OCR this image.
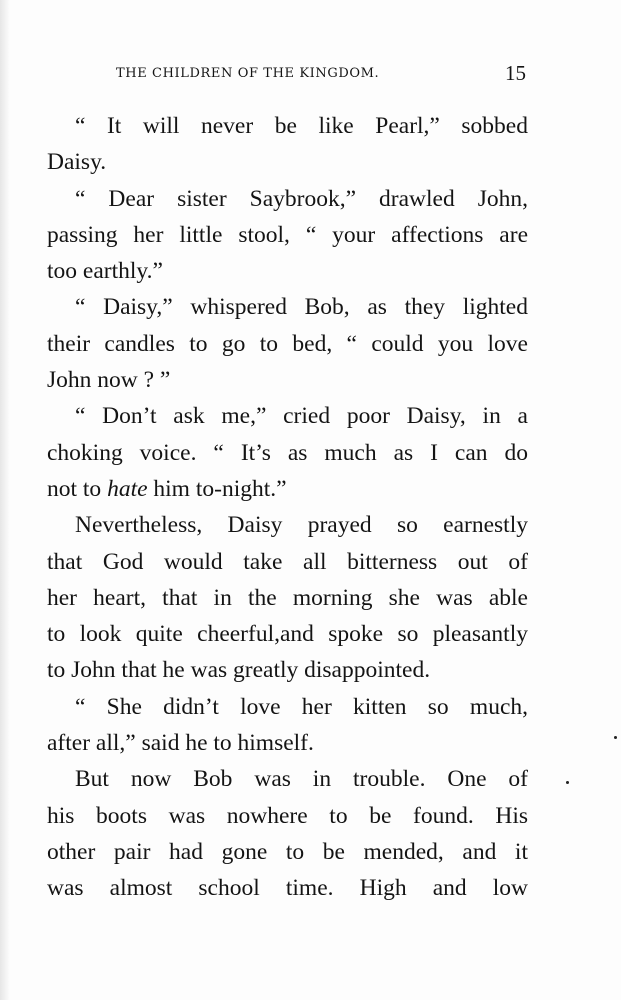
THE CHILDREN OF THE KINGDOM.	15
“ It will never be like Pearl,” sobbed
Daisy.
“ Dear sister Saybrook,” drawled John,
passing her little stool, “ your affections are
too earthly.”
“ Daisy,” whispered Bob, as they lighted
their candles to go to bed, “ could you love
John now ? ”
“ Don’t ask me,” cried poor Daisy, in a
choking voice. “ It’s as much as I can do
not to hate him to-night.”
Nevertheless, Daisy prayed so earnestly
that God would take all bitterness out of
her heart, that in the morning she was able
to look quite cheerful,and spoke so pleasantly
to John that he was greatly disappointed.
“ She didn’t love her kitten so much,
after all,” said he to himself.
But now Bob was in trouble. One of
his boots was nowhere to be found. His
other pair had gone to be mended, and it
was almost school time. High and low
